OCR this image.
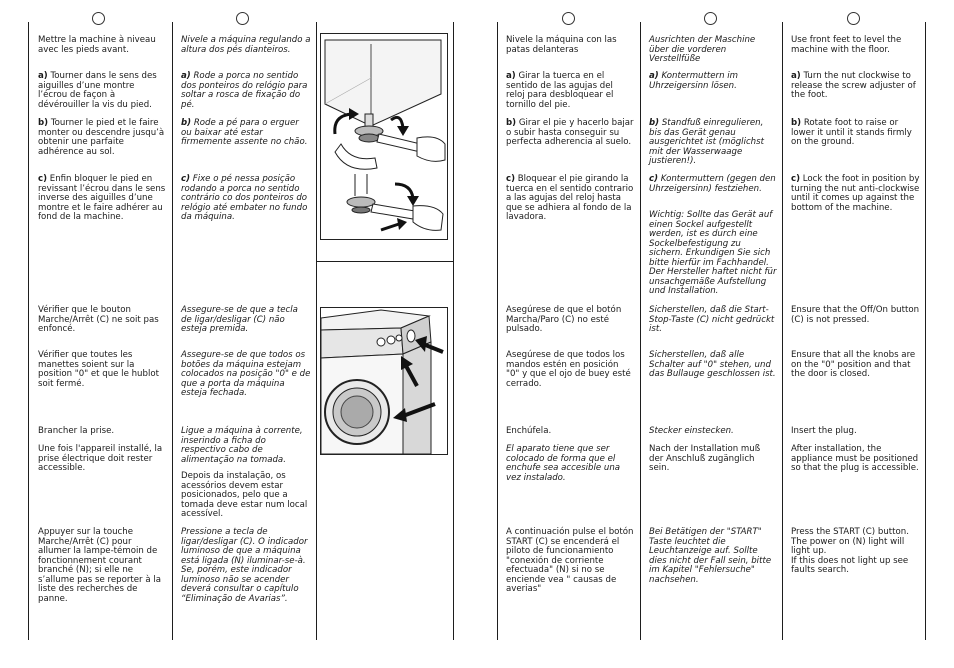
Mettre la machine à niveau avec les pieds avant.

a) Tourner dans le sens des aiguilles d’une montre l’écrou de façon à dévérouiller la vis du pied.

b) Tourner le pied et le faire monter ou descendre jusqu’à obtenir une parfaite adhérence au sol.

c) Enfin bloquer le pied en revissant l’écrou dans le sens inverse des aiguilles d’une montre et le faire adhérer au fond de la machine.

Vérifier que le bouton Marche/Arrêt (C) ne soit pas enfoncé.

Vérifier que toutes les manettes soient sur la position "0" et que le hublot soit fermé.

Brancher la prise.

Une fois l'appareil installé, la prise électrique doit rester accessible.

Appuyer sur la touche Marche/Arrêt (C) pour allumer la lampe-témoin de fonctionnement courant branché (N); si elle ne s’allume pas se reporter à la liste des recherches de panne.

Nivele a máquina regulando a altura dos pés dianteiros.

a) Rode a porca no sentido dos ponteiros do relógio para soltar a rosca de fixação do pé.

b) Rode a pé para o erguer ou baixar até estar firmemente assente no chão.

c) Fixe o pé nessa posição rodando a porca no sentido contrário co dos ponteiros do relógio até embater no fundo da máquina.

Assegure-se de que a tecla de ligar/desligar (C) não esteja premida.

Assegure-se de que todos os botões da máquina estejam colocados na posição "0" e de que a porta da máquina esteja fechada.

Ligue a máquina à corrente, inserindo a ficha do respectivo cabo de alimentação na tomada.

Depois da instalação, os acessórios devem estar posicionados, pelo que a tomada deve estar num local acessível.

Pressione a tecla de ligar/desligar (C). O indicador luminoso de que a máquina está ligada (N) iluminar-se-à.
Se, porém, este indicador luminoso não se acender deverá consultar o capítulo “Eliminação de Avarias”.

Nivele la máquina con las patas delanteras

a) Girar la tuerca en el sentido de las agujas del reloj para desbloquear el tornillo del pie.

b) Girar el pie y hacerlo bajar o subir hasta conseguir su perfecta adherencia al suelo.

c) Bloquear el pie girando la tuerca en el sentido contrario a las agujas del reloj hasta que se adhiera al fondo de la lavadora.

Asegúrese de que el botón Marcha/Paro (C) no esté pulsado.

Asegúrese de que todos los mandos estén en posición "0" y que el ojo de buey esté cerrado.

Enchúfela.

El aparato tiene que ser colocado de forma que el enchufe sea accesible una vez instalado.

A continuación pulse el botón START (C) se encenderá el piloto de funcionamiento "conexión de corriente efectuada" (N) si no se enciende vea " causas de averias"

Ausrichten der Maschine über die vorderen Verstellfüße

a) Kontermuttern im Uhrzeigersinn lösen.

b) Standfuß einregulieren, bis das Gerät genau ausgerichtet ist (möglichst mit der Wasserwaage justieren!).

c) Kontermuttern (gegen den Uhrzeigersinn) festziehen.

Wichtig: Sollte das Gerät auf einen Sockel aufgestellt werden, ist es durch eine Sockelbefestigung zu sichern. Erkundigen Sie sich bitte hierfür im Fachhandel.
Der Hersteller haftet nicht für unsachgemäße Aufstellung und Installation.

Sicherstellen, daß die Start-Stop-Taste (C) nicht gedrückt ist.

Sicherstellen, daß alle Schalter auf "0" stehen, und das Bullauge geschlossen ist.

Stecker einstecken.

Nach der Installation muß der Anschluß zugänglich sein.

Bei Betätigen der "START" Taste leuchtet die Leuchtanzeige auf. Sollte dies nicht der Fall sein, bitte im Kapitel "Fehlersuche" nachsehen.

Use front feet to level the machine with the floor.

a) Turn the nut clockwise to release the screw adjuster of the foot.

b) Rotate foot to raise or lower it until it stands firmly on the ground.

c) Lock the foot in position by turning the nut anti-clockwise until it comes up against the bottom of the machine.

Ensure that the Off/On button (C) is not pressed.

Ensure that all the knobs are on the "0" position and that the door is closed.

Insert the plug.

After installation, the appliance must be positioned so that the plug is accessible.

Press the START (C) button. The power on (N) light will light up.
If this does not light up see faults search.
